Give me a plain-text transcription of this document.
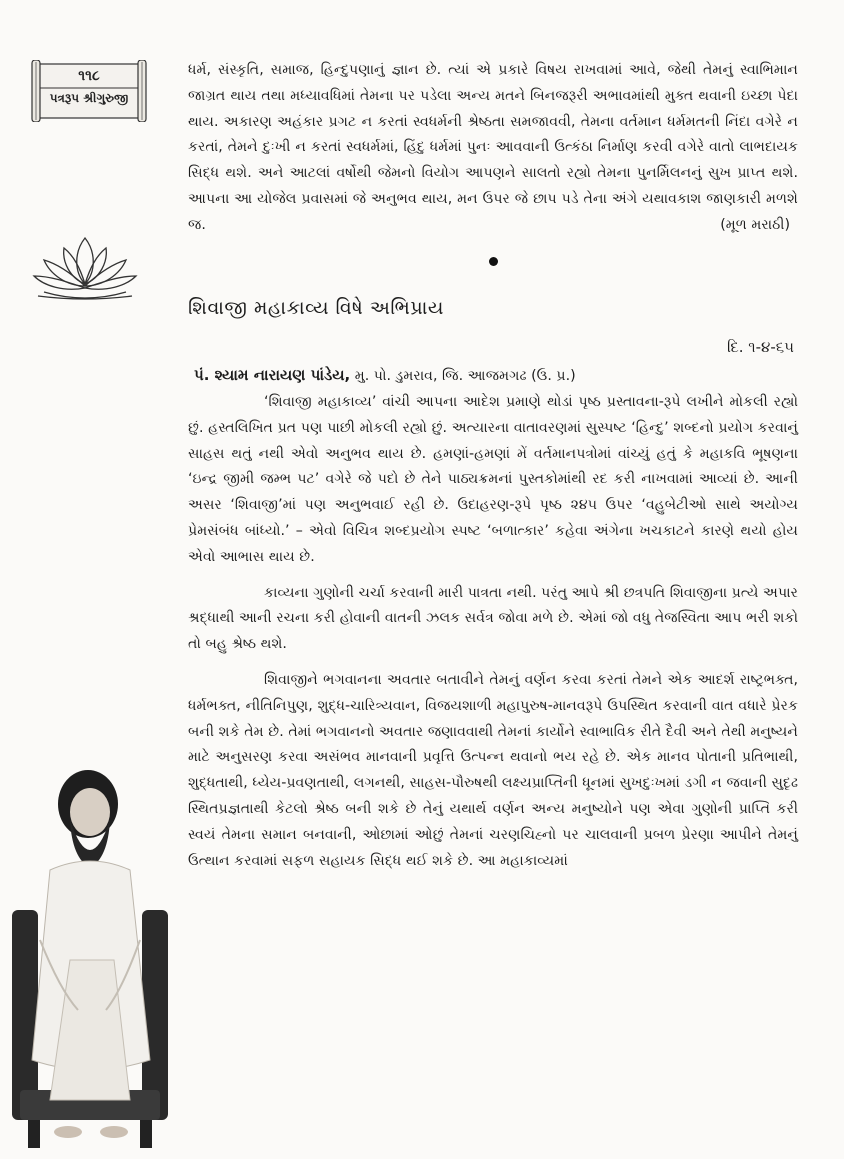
૧૧૮
પત્રરૂપ શ્રીગુરુજી

ધર્મ, સંસ્કૃતિ, સમાજ, હિન્દુપણાનું જ્ઞાન છે. ત્યાં એ પ્રકારે વિષય રાખવામાં આવે, જેથી તેમનું સ્વાભિમાન જાગ્રત થાય તથા મધ્યાવધિમાં તેમના પર પડેલા અન્ય મતને બિનજરૂરી અભાવમાંથી મુક્ત થવાની ઇચ્છા પેદા થાય. અકારણ અહંકાર પ્રગટ ન કરતાં સ્વધર્મની શ્રેષ્ઠતા સમજાવવી, તેમના વર્તમાન ધર્મમતની નિંદા વગેરે ન કરતાં, તેમને દુઃખી ન કરતાં સ્વધર્મમાં, હિંદુ ધર્મમાં પુનઃ આવવાની ઉત્કંઠા નિર્માણ કરવી વગેરે વાતો લાભદાયક સિદ્ધ થશે. અને આટલાં વર્ષોથી જેમનો વિયોગ આપણને સાલતો રહ્યો તેમના પુનર્મિલનનું સુખ પ્રાપ્ત થશે. આપના આ યોજેલ પ્રવાસમાં જે અનુભવ થાય, મન ઉપર જે છાપ પડે તેના અંગે યથાવકાશ જાણકારી મળશે જ.	(મૂળ મરાઠી)
શિવાજી મહાકાવ્ય વિષે અભિપ્રાય
દિ. ૧-૪-૬૫
પં. શ્યામ નારાયણ પાંડેય, મુ. પો. ડુમરાવ, જિ. આજમગઢ (ઉ. પ્ર.)

‘શિવાજી મહાકાવ્ય’ વાંચી આપના આદેશ પ્રમાણે થોડાં પૃષ્ઠ પ્રસ્તાવના-રૂપે લખીને મોકલી રહ્યો છું. હસ્તલિખિત પ્રત પણ પાછી મોકલી રહ્યો છું. અત્યારના વાતાવરણમાં સુસ્પષ્ટ ‘હિન્દુ’ શબ્દનો પ્રયોગ કરવાનું સાહસ થતું નથી એવો અનુભવ થાય છે. હમણાં-હમણાં મેં વર્તમાનપત્રોમાં વાંચ્યું હતું કે મહાકવિ ભૂષણના ‘ઇન્દ્ર જીમી જમ્ભ પટ’ વગેરે જે પદો છે તેને પાઠ્યક્રમનાં પુસ્તકોમાંથી રદ કરી નાખવામાં આવ્યાં છે. આની અસર ‘શિવાજી’માં પણ અનુભવાઈ રહી છે. ઉદાહરણ-રૂપે પૃષ્ઠ ૨૪૫ ઉપર ‘વહુબેટીઓ સાથે અયોગ્ય પ્રેમસંબંધ બાંધ્યો.’ – એવો વિચિત્ર શબ્દપ્રયોગ સ્પષ્ટ ‘બળાત્કાર’ કહેવા અંગેના ખચકાટને કારણે થયો હોય એવો આભાસ થાય છે.

કાવ્યના ગુણોની ચર્ચા કરવાની મારી પાત્રતા નથી. પરંતુ આપે શ્રી છત્રપતિ શિવાજીના પ્રત્યે અપાર શ્રદ્ધાથી આની રચના કરી હોવાની વાતની ઝલક સર્વત્ર જોવા મળે છે. એમાં જો વધુ તેજસ્વિતા આપ ભરી શકો તો બહુ શ્રેષ્ઠ થશે.

શિવાજીને ભગવાનના અવતાર બતાવીને તેમનું વર્ણન કરવા કરતાં તેમને એક આદર્શ રાષ્ટ્રભક્ત, ધર્મભક્ત, નીતિનિપુણ, શુદ્ધ-ચારિત્ર્યવાન, વિજયશાળી મહાપુરુષ-માનવરૂપે ઉપસ્થિત કરવાની વાત વધારે પ્રેરક બની શકે તેમ છે. તેમાં ભગવાનનો અવતાર જણાવવાથી તેમનાં કાર્યોને સ્વાભાવિક રીતે દૈવી અને તેથી મનુષ્યને માટે અનુસરણ કરવા અસંભવ માનવાની પ્રવૃત્તિ ઉત્પન્ન થવાનો ભય રહે છે. એક માનવ પોતાની પ્રતિભાથી, શુદ્ધતાથી, ધ્યેય-પ્રવણતાથી, લગનથી, સાહસ-પૌરુષથી લક્ષ્યપ્રાપ્તિની ધૂનમાં સુખદુઃખમાં ડગી ન જવાની સુદૃઢ સ્થિતપ્રજ્ઞતાથી કેટલો શ્રેષ્ઠ બની શકે છે તેનું યથાર્થ વર્ણન અન્ય મનુષ્યોને પણ એવા ગુણોની પ્રાપ્તિ કરી સ્વયં તેમના સમાન બનવાની, ઓછામાં ઓછું તેમનાં ચરણચિહ્નો પર ચાલવાની પ્રબળ પ્રેરણા આપીને તેમનું ઉત્થાન કરવામાં સફળ સહાયક સિદ્ધ થઈ શકે છે. આ મહાકાવ્યમાં
